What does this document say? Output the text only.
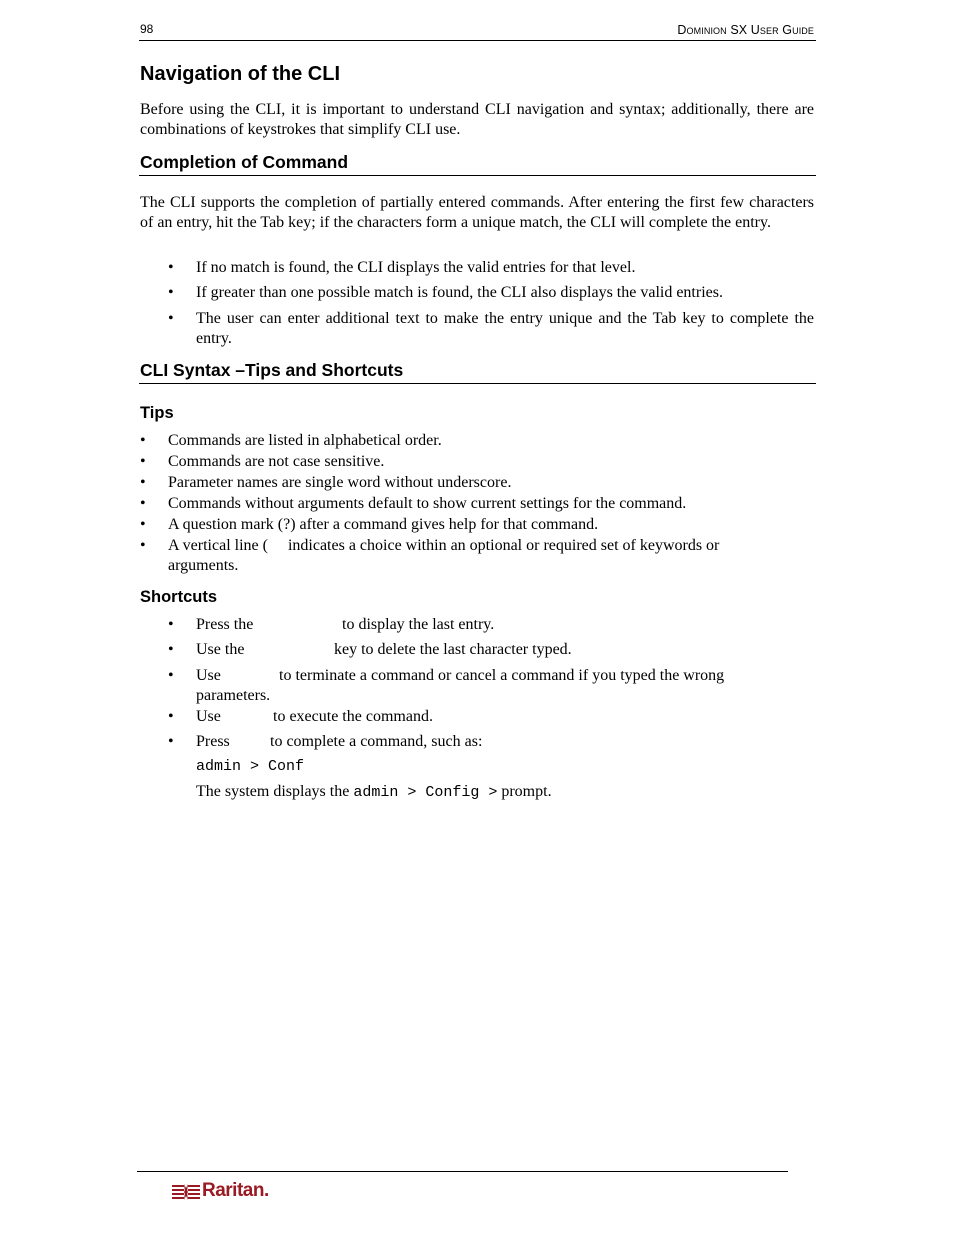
98	Dominion SX User Guide
Navigation of the CLI
Before using the CLI, it is important to understand CLI navigation and syntax; additionally, there are combinations of keystrokes that simplify CLI use.
Completion of Command
The CLI supports the completion of partially entered commands. After entering the first few characters of an entry, hit the Tab key; if the characters form a unique match, the CLI will complete the entry.
• If no match is found, the CLI displays the valid entries for that level.
• If greater than one possible match is found, the CLI also displays the valid entries.
• The user can enter additional text to make the entry unique and the Tab key to complete the entry.
CLI Syntax –Tips and Shortcuts
Tips
• Commands are listed in alphabetical order.
• Commands are not case sensitive.
• Parameter names are single word without underscore.
• Commands without arguments default to show current settings for the command.
• A question mark (?) after a command gives help for that command.
• A vertical line (     indicates a choice within an optional or required set of keywords or arguments.
Shortcuts
• Press the	to display the last entry.
• Use the	key to delete the last character typed.
• Use	to terminate a command or cancel a command if you typed the wrong parameters.
• Use	to execute the command.
• Press	to complete a command, such as:
admin > Conf
The system displays the admin > Config > prompt.
Raritan.
